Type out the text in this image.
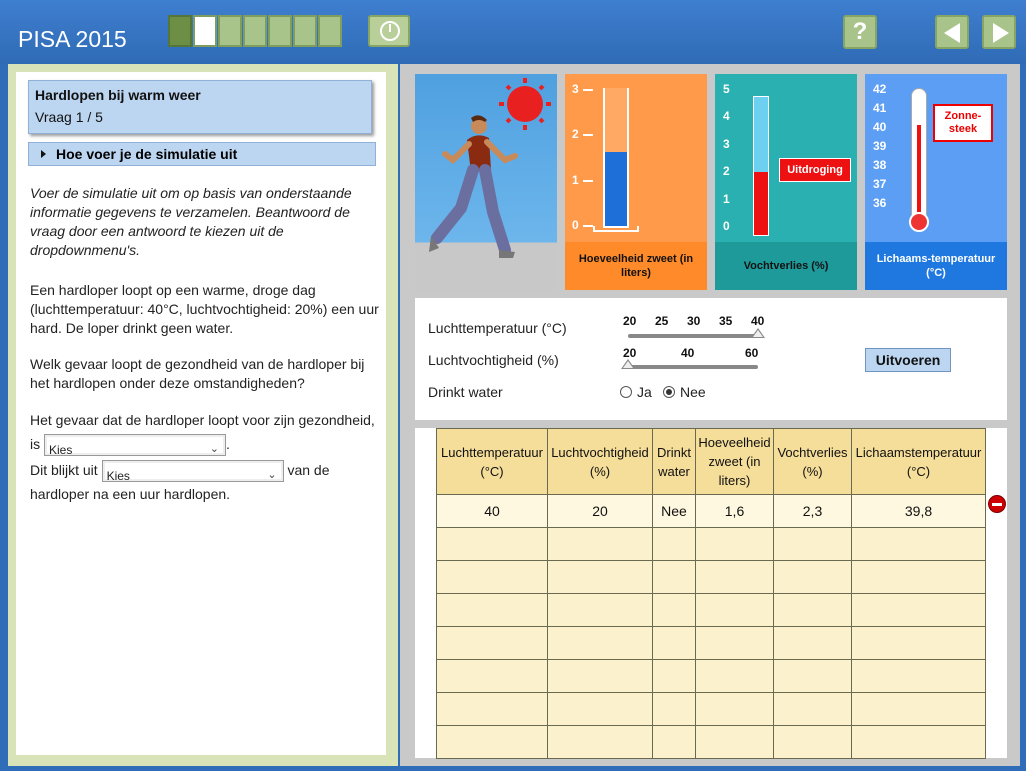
PISA 2015	?
Hardlopen bij warm weer
Vraag 1 / 5
Hoe voer je de simulatie uit
Voer de simulatie uit om op basis van onderstaande informatie gegevens te verzamelen. Beantwoord de vraag door een antwoord te kiezen uit de dropdownmenu's.
Een hardloper loopt op een warme, droge dag (luchttemperatuur: 40°C, luchtvochtigheid: 20%) een uur hard. De loper drinkt geen water.
Welk gevaar loopt de gezondheid van de hardloper bij het hardlopen onder deze omstandigheden?
Het gevaar dat de hardloper loopt voor zijn gezondheid, is Kies	⌄ .
Dit blijkt uit Kies	⌄ van de
hardloper na een uur hardlopen.
3
2
1
0
Hoeveelheid zweet (in liters)
5
4
3
2
1
0
Uitdroging
Vochtverlies (%)
42
41
40
39
38
37
36
Zonne-steek
Lichaams-temperatuur (°C)
Luchttemperatuur (°C)	20 25 30 35 40
Luchtvochtigheid (%)	20	40	60
Drinkt water	Ja	Nee
Uitvoeren
Luchttemperatuur (°C)	Luchtvochtigheid (%)	Drinkt water	Hoeveelheid zweet (in liters)	Vochtverlies (%)	Lichaamstemperatuur (°C)
40	20	Nee	1,6	2,3	39,8
